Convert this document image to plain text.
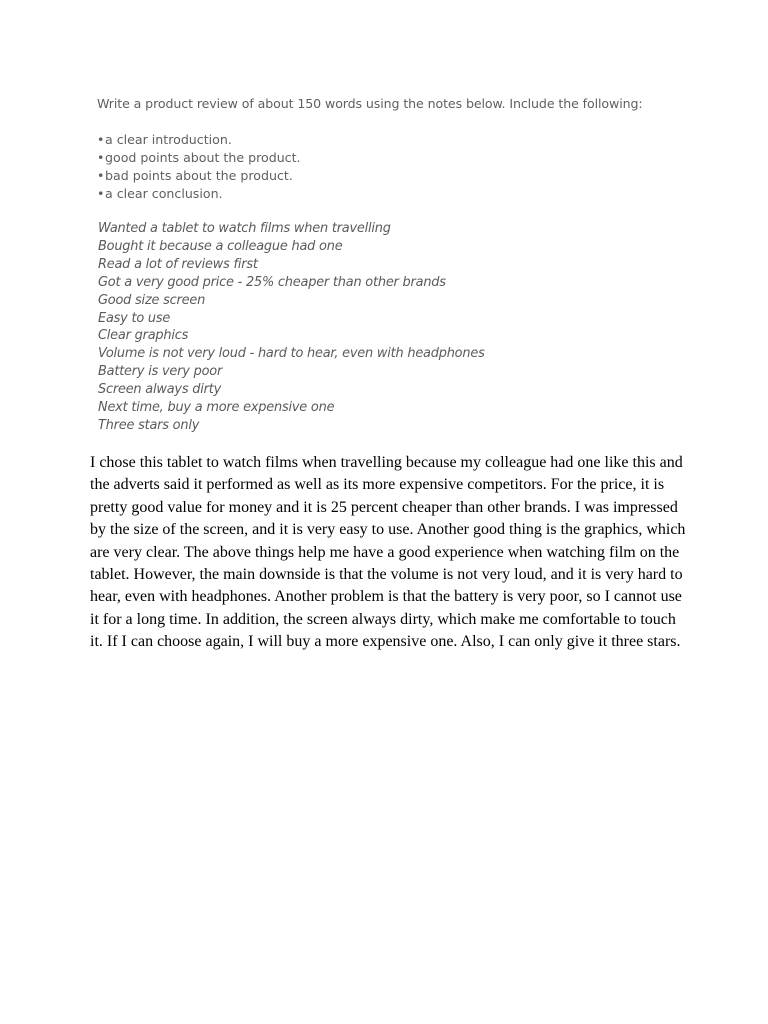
Write a product review of about 150 words using the notes below. Include the following:
•a clear introduction.
•good points about the product.
•bad points about the product.
•a clear conclusion.
Wanted a tablet to watch films when travelling
Bought it because a colleague had one
Read a lot of reviews first
Got a very good price - 25% cheaper than other brands
Good size screen
Easy to use
Clear graphics
Volume is not very loud - hard to hear, even with headphones
Battery is very poor
Screen always dirty
Next time, buy a more expensive one
Three stars only

I chose this tablet to watch films when travelling because my colleague had one like this and the adverts said it performed as well as its more expensive competitors. For the price, it is pretty good value for money and it is 25 percent cheaper than other brands. I was impressed by the size of the screen, and it is very easy to use. Another good thing is the graphics, which are very clear. The above things help me have a good experience when watching film on the tablet. However, the main downside is that the volume is not very loud, and it is very hard to hear, even with headphones. Another problem is that the battery is very poor, so I cannot use it for a long time. In addition, the screen always dirty, which make me comfortable to touch it. If I can choose again, I will buy a more expensive one. Also, I can only give it three stars.
